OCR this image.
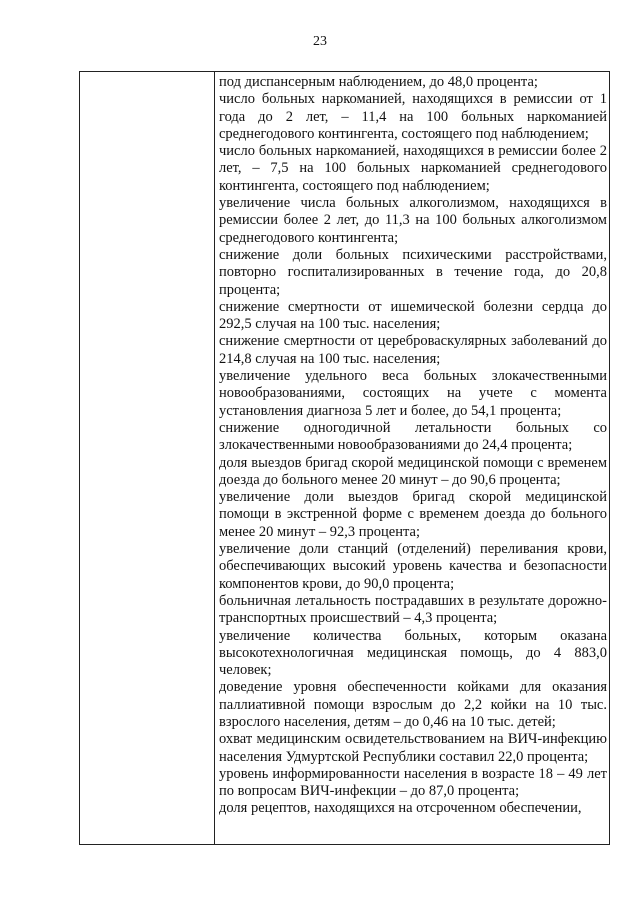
23
под диспансерным наблюдением, до 48,0 процента;
число больных наркоманией, находящихся в ремиссии от 1 года до 2 лет, – 11,4 на 100 больных наркоманией среднегодового контингента, состоящего под наблюдением;
число больных наркоманией, находящихся в ремиссии более 2 лет, – 7,5 на 100 больных наркоманией среднегодового контингента, состоящего под наблюдением;
увеличение числа больных алкоголизмом, находящихся в ремиссии более 2 лет, до 11,3 на 100 больных алкоголизмом среднегодового контингента;
снижение доли больных психическими расстройствами, повторно госпитализированных в течение года, до 20,8 процента;
снижение смертности от ишемической болезни сердца до 292,5 случая на 100 тыс. населения;
снижение смертности от цереброваскулярных заболеваний до 214,8 случая на 100 тыс. населения;
увеличение удельного веса больных злокачественными новообразованиями, состоящих на учете с момента установления диагноза 5 лет и более, до 54,1 процента;
снижение одногодичной летальности больных со злокачественными новообразованиями до 24,4 процента;
доля выездов бригад скорой медицинской помощи с временем доезда до больного менее 20 минут – до 90,6 процента;
увеличение доли выездов бригад скорой медицинской помощи в экстренной форме с временем доезда до больного менее 20 минут – 92,3 процента;
увеличение доли станций (отделений) переливания крови, обеспечивающих высокий уровень качества и безопасности компонентов крови, до 90,0 процента;
больничная летальность пострадавших в результате дорожно-транспортных происшествий – 4,3 процента;
увеличение количества больных, которым оказана высокотехнологичная медицинская помощь, до 4 883,0 человек;
доведение уровня обеспеченности койками для оказания паллиативной помощи взрослым до 2,2 койки на 10 тыс. взрослого населения, детям – до 0,46 на 10 тыс. детей;
охват медицинским освидетельствованием на ВИЧ-инфекцию населения Удмуртской Республики составил 22,0 процента;
уровень информированности населения в возрасте 18 – 49 лет по вопросам ВИЧ-инфекции – до 87,0 процента;
доля рецептов, находящихся на отсроченном обеспечении,
